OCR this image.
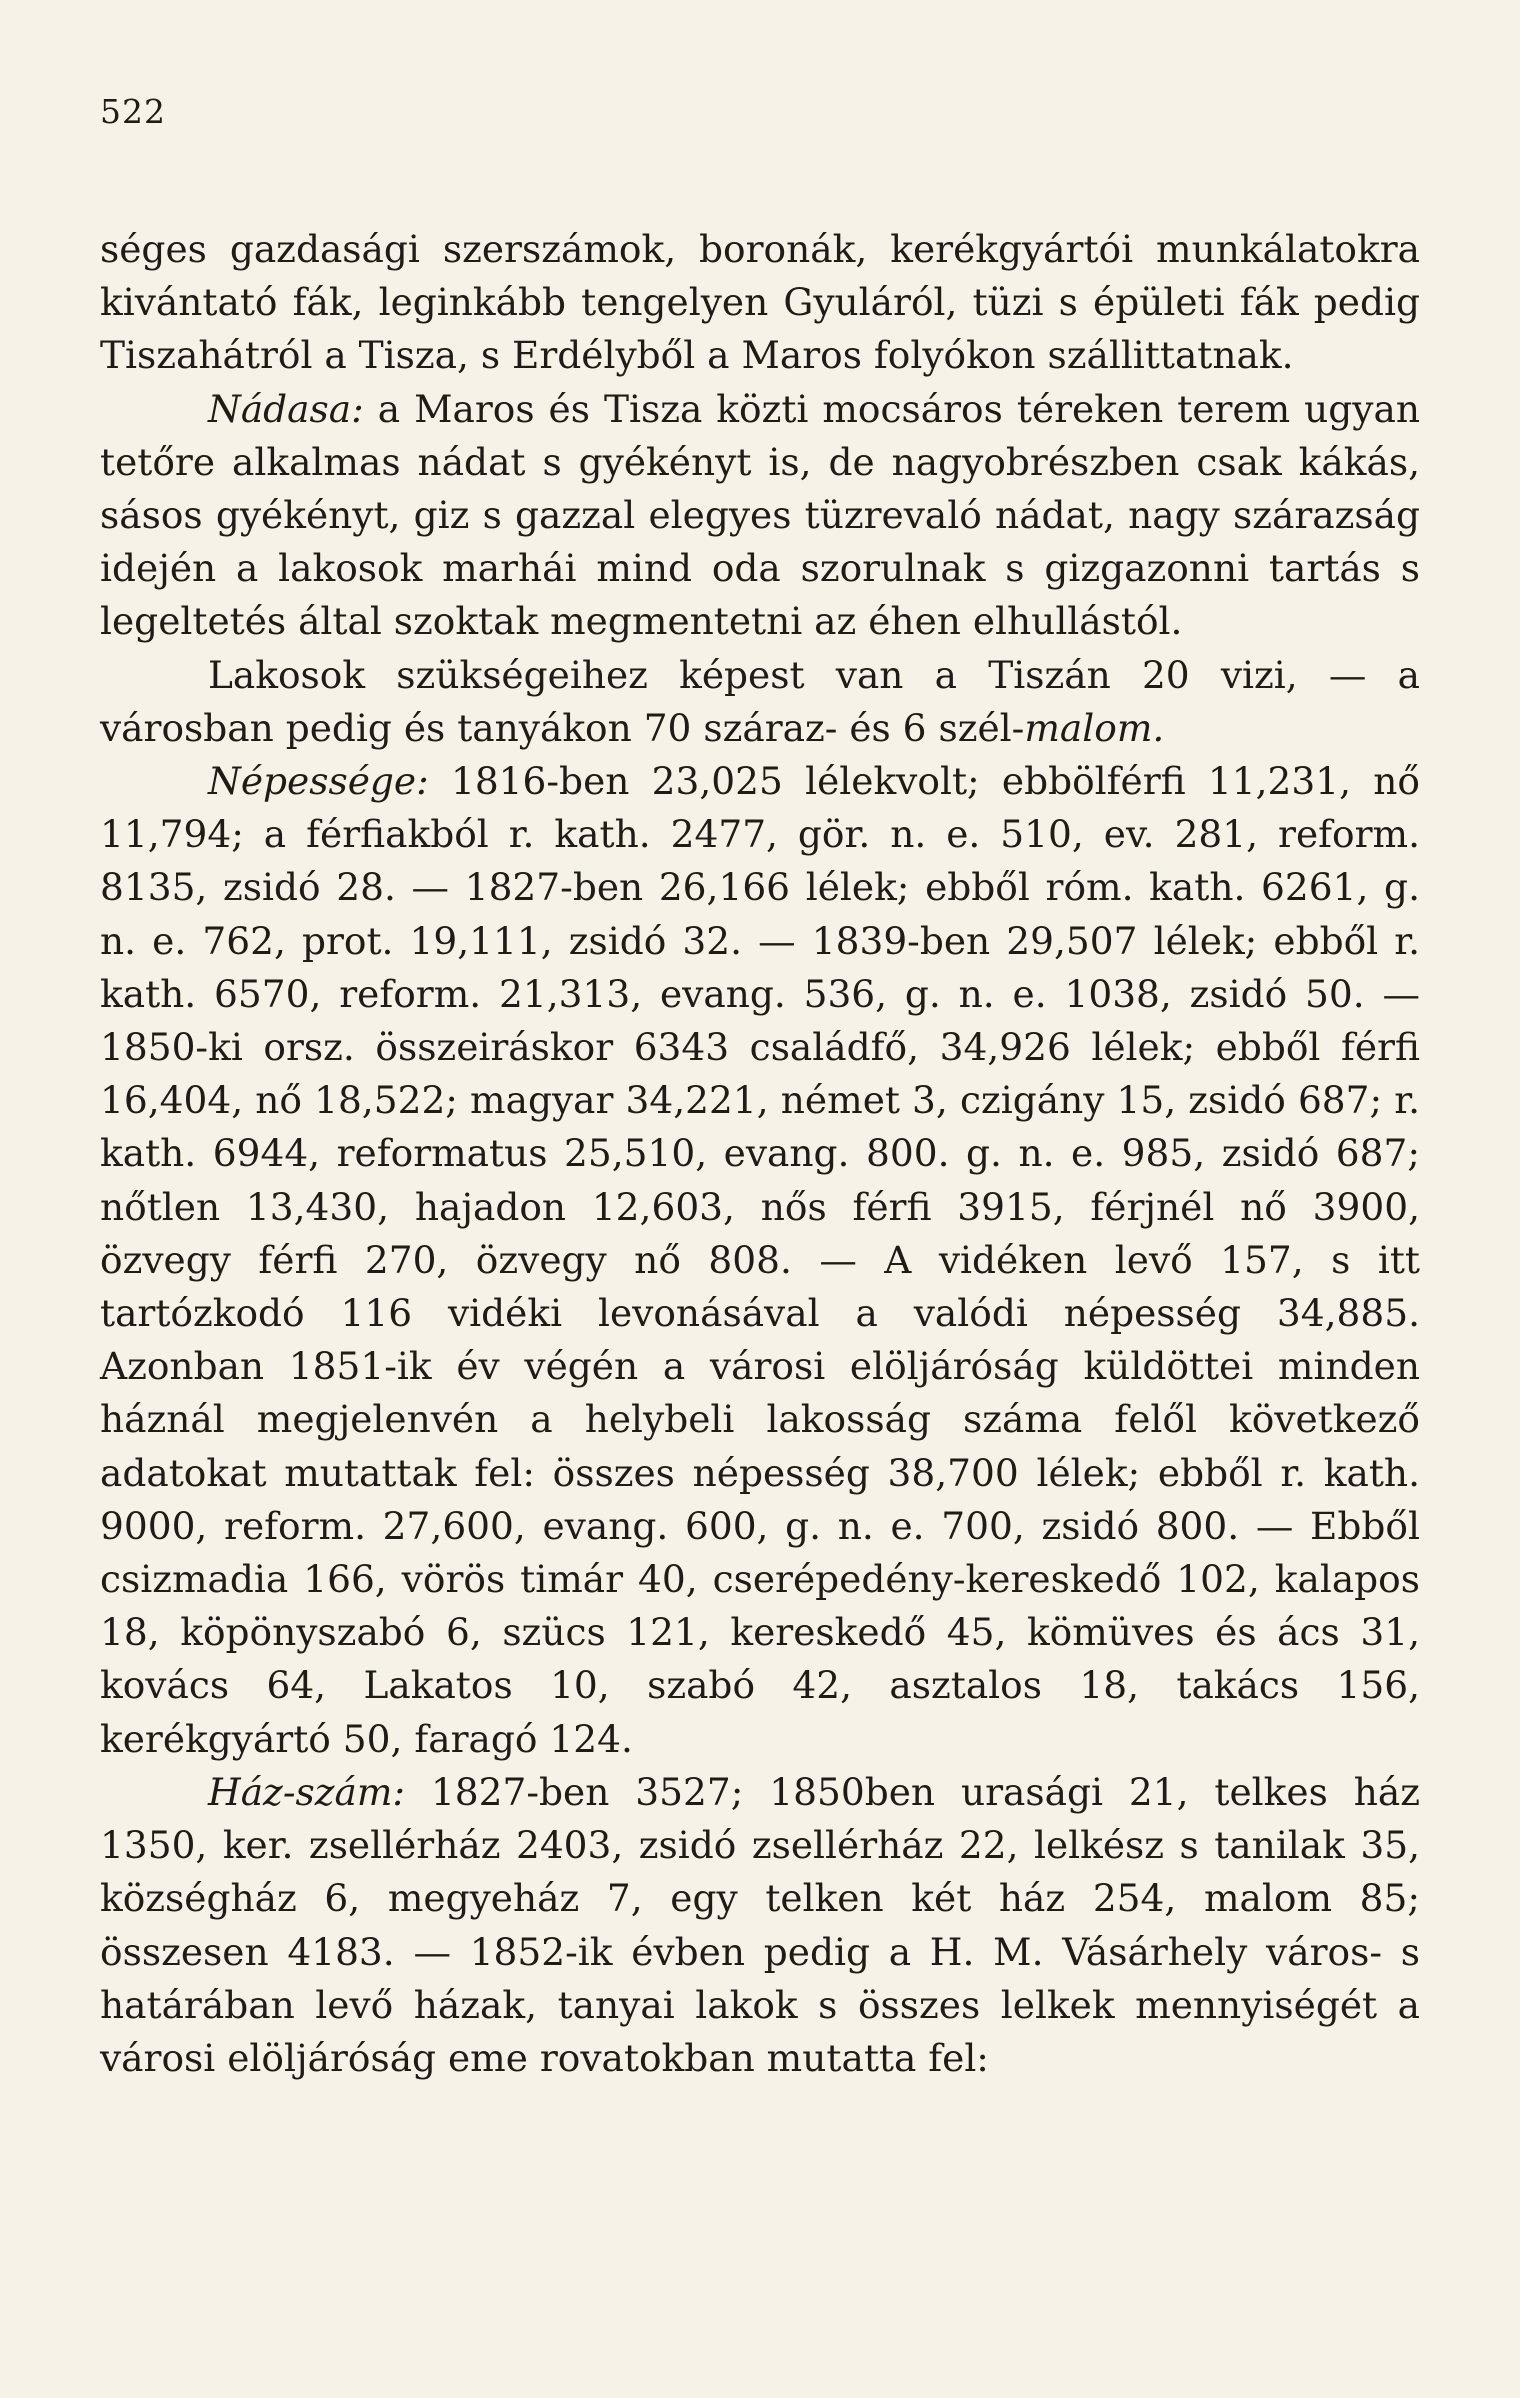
522

séges gazdasági szerszámok, boronák, kerékgyártói munkálatokra kivántató fák, leginkább tengelyen Gyuláról, tüzi s épületi fák pedig Tiszahátról a Tisza, s Erdélyből a Maros folyókon szállittatnak.

Nádasa: a Maros és Tisza közti mocsáros téreken terem ugyan tetőre alkalmas nádat s gyékényt is, de nagyobrészben csak kákás, sásos gyékényt, giz s gazzal elegyes tüzrevaló nádat, nagy szárazság idején a lakosok marhái mind oda szorulnak s gizgazonni tartás s legeltetés által szoktak megmentetni az éhen elhullástól.

Lakosok szükségeihez képest van a Tiszán 20 vizi, — a városban pedig és tanyákon 70 száraz- és 6 szél-malom.

Népessége: 1816-ben 23,025 lélekvolt; ebbölférfi 11,231, nő 11,794; a férfiakból r. kath. 2477, gör. n. e. 510, ev. 281, reform. 8135, zsidó 28. — 1827-ben 26,166 lélek; ebből róm. kath. 6261, g. n. e. 762, prot. 19,111, zsidó 32. — 1839-ben 29,507 lélek; ebből r. kath. 6570, reform. 21,313, evang. 536, g. n. e. 1038, zsidó 50. — 1850-ki orsz. összeiráskor 6343 családfő, 34,926 lélek; ebből férfi 16,404, nő 18,522; magyar 34,221, német 3, czigány 15, zsidó 687; r. kath. 6944, reformatus 25,510, evang. 800. g. n. e. 985, zsidó 687; nőtlen 13,430, hajadon 12,603, nős férfi 3915, férjnél nő 3900, özvegy férfi 270, özvegy nő 808. — A vidéken levő 157, s itt tartózkodó 116 vidéki levonásával a valódi népesség 34,885. Azonban 1851-ik év végén a városi elöljáróság küldöttei minden háznál megjelenvén a helybeli lakosság száma felől következő adatokat mutattak fel: összes népesség 38,700 lélek; ebből r. kath. 9000, reform. 27,600, evang. 600, g. n. e. 700, zsidó 800. — Ebből csizmadia 166, vörös timár 40, cserépedény-kereskedő 102, kalapos 18, köpönyszabó 6, szücs 121, kereskedő 45, kömüves és ács 31, kovács 64, Lakatos 10, szabó 42, asztalos 18, takács 156, kerékgyártó 50, faragó 124.

Ház-szám: 1827-ben 3527; 1850ben urasági 21, telkes ház 1350, ker. zsellérház 2403, zsidó zsellérház 22, lelkész s tanilak 35, községház 6, megyeház 7, egy telken két ház 254, malom 85; összesen 4183. — 1852-ik évben pedig a H. M. Vásárhely város- s határában levő házak, tanyai lakok s összes lelkek mennyiségét a városi elöljáróság eme rovatokban mutatta fel:
